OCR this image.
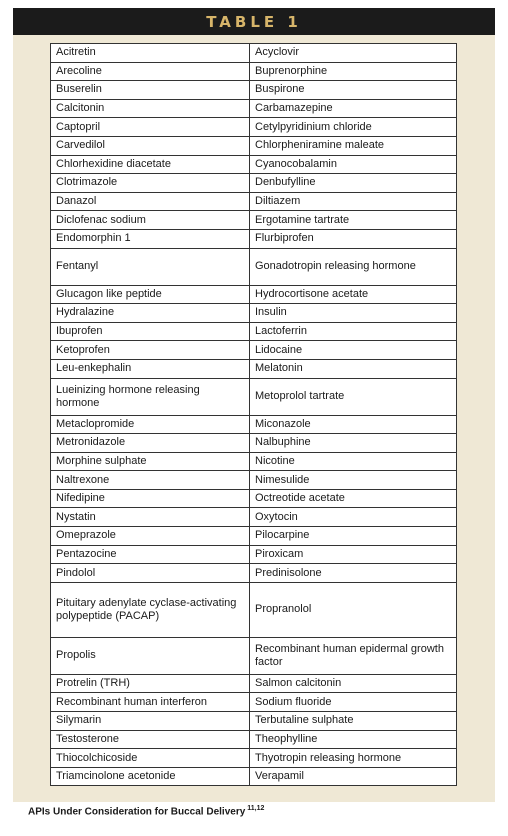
TABLE 1
Acitretin	Acyclovir
Arecoline	Buprenorphine
Buserelin	Buspirone
Calcitonin	Carbamazepine
Captopril	Cetylpyridinium chloride
Carvedilol	Chlorpheniramine maleate
Chlorhexidine diacetate	Cyanocobalamin
Clotrimazole	Denbufylline
Danazol	Diltiazem
Diclofenac sodium	Ergotamine tartrate
Endomorphin 1	Flurbiprofen
Fentanyl	Gonadotropin releasing hormone
Glucagon like peptide	Hydrocortisone acetate
Hydralazine	Insulin
Ibuprofen	Lactoferrin
Ketoprofen	Lidocaine
Leu-enkephalin	Melatonin
Lueinizing hormone releasing hormone	Metoprolol tartrate
Metaclopromide	Miconazole
Metronidazole	Nalbuphine
Morphine sulphate	Nicotine
Naltrexone	Nimesulide
Nifedipine	Octreotide acetate
Nystatin	Oxytocin
Omeprazole	Pilocarpine
Pentazocine	Piroxicam
Pindolol	Predinisolone
Pituitary adenylate cyclase-activating polypeptide (PACAP)	Propranolol
Propolis	Recombinant human epidermal growth factor
Protrelin (TRH)	Salmon calcitonin
Recombinant human interferon	Sodium fluoride
Silymarin	Terbutaline sulphate
Testosterone	Theophylline
Thiocolchicoside	Thyotropin releasing hormone
Triamcinolone acetonide	Verapamil
APIs Under Consideration for Buccal Delivery $^{11,12}$
